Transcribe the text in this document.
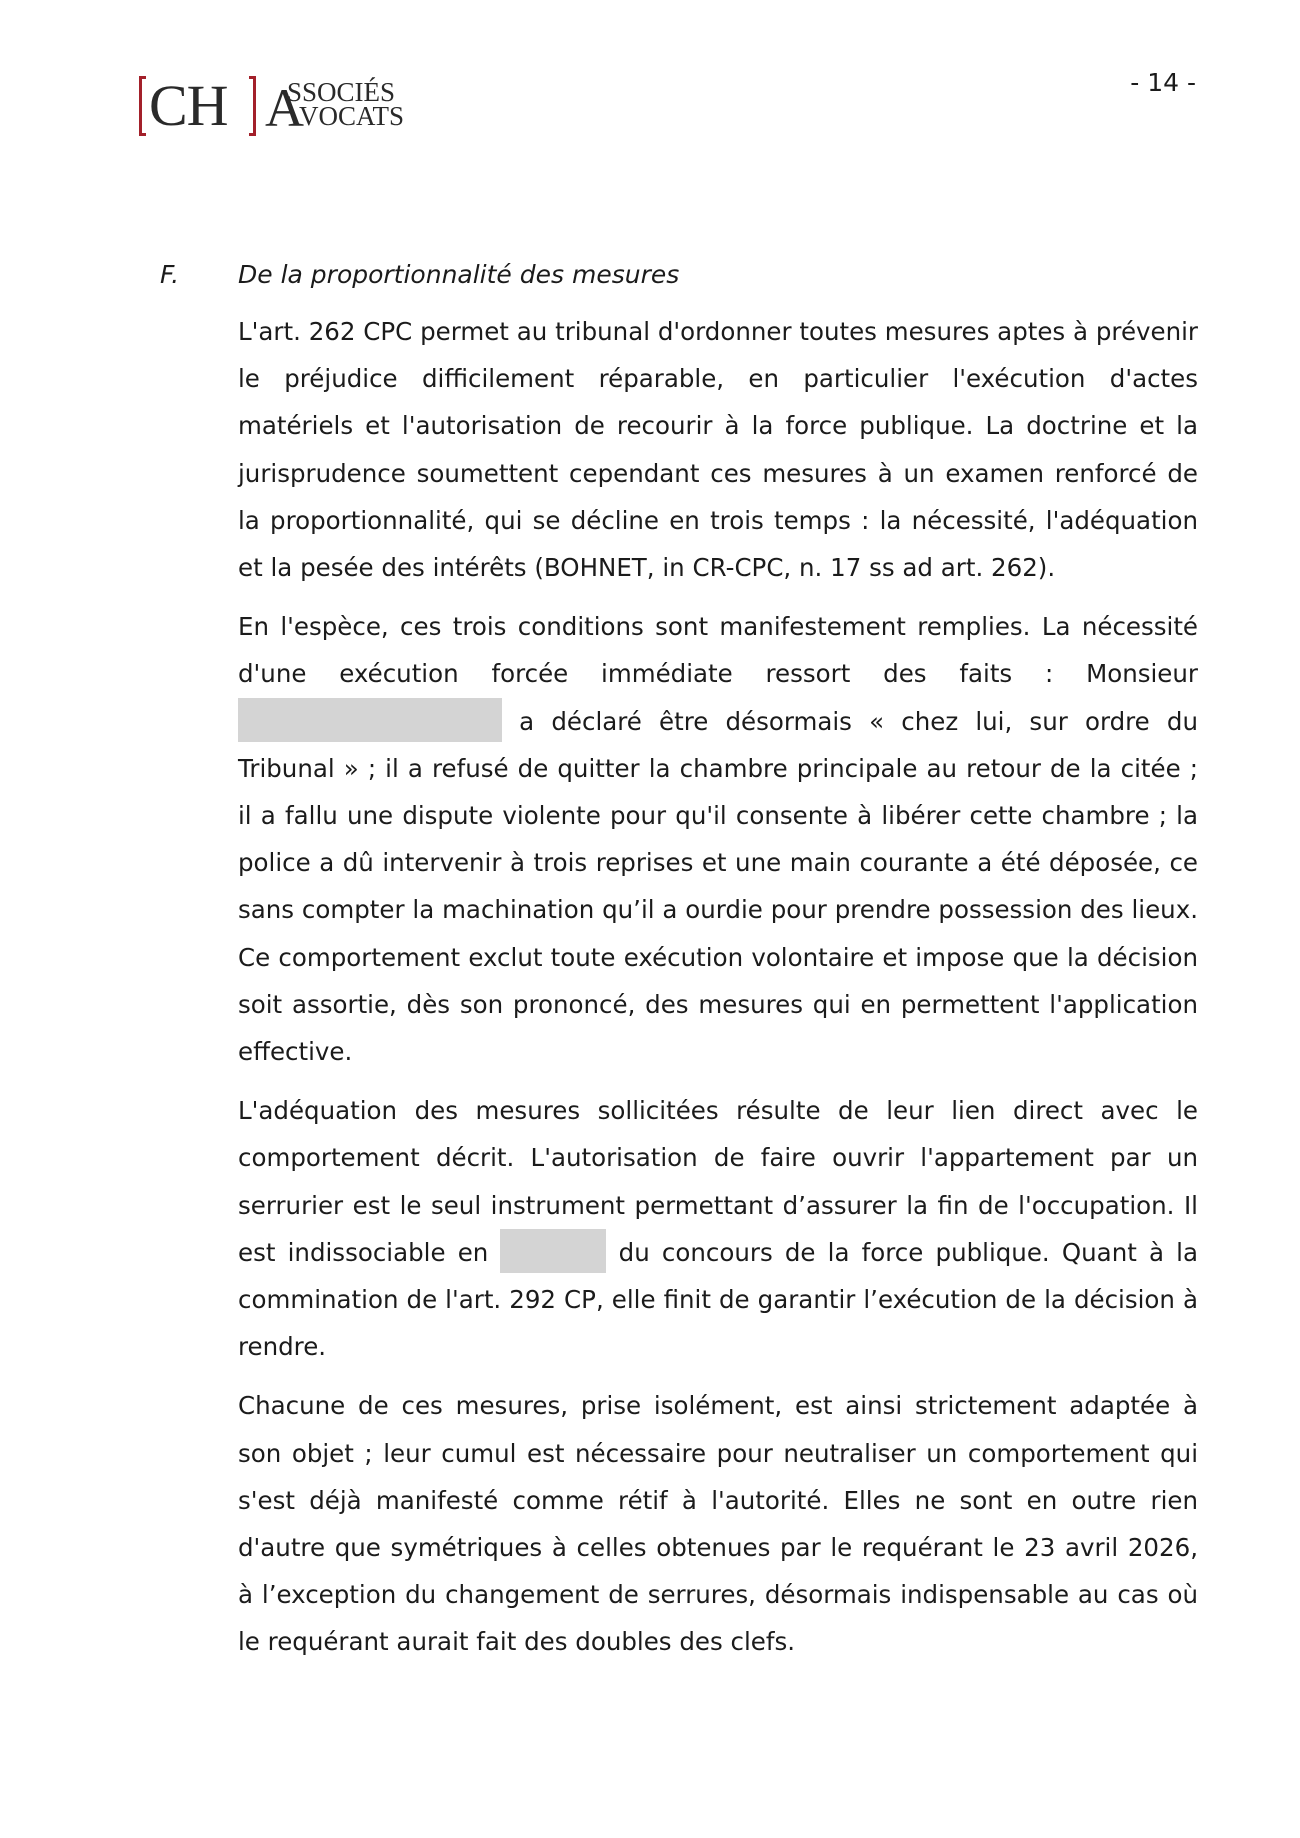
CH A
SSOCIÉS
VOCATS
- 14 -
F. De la proportionnalité des mesures

L'art. 262 CPC permet au tribunal d'ordonner toutes mesures aptes à prévenir le préjudice difficilement réparable, en particulier l'exécution d'actes matériels et l'autorisation de recourir à la force publique. La doctrine et la jurisprudence soumettent cependant ces mesures à un examen renforcé de la proportionnalité, qui se décline en trois temps : la nécessité, l'adéquation et la pesée des intérêts (BOHNET, in CR-CPC, n. 17 ss ad art. 262).

En l'espèce, ces trois conditions sont manifestement remplies. La nécessité d'une exécution forcée immédiate ressort des faits : Monsieur  a déclaré être désormais « chez lui, sur ordre du Tribunal » ; il a refusé de quitter la chambre principale au retour de la citée ; il a fallu une dispute violente pour qu'il consente à libérer cette chambre ; la police a dû intervenir à trois reprises et une main courante a été déposée, ce sans compter la machination qu’il a ourdie pour prendre possession des lieux. Ce comportement exclut toute exécution volontaire et impose que la décision soit assortie, dès son prononcé, des mesures qui en permettent l'application effective.

L'adéquation des mesures sollicitées résulte de leur lien direct avec le comportement décrit. L'autorisation de faire ouvrir l'appartement par un serrurier est le seul instrument permettant d’assurer la fin de l'occupation. Il est indissociable en	du concours de la force publique. Quant à la commination de l'art. 292 CP, elle finit de garantir l’exécution de la décision à rendre.

Chacune de ces mesures, prise isolément, est ainsi strictement adaptée à son objet ; leur cumul est nécessaire pour neutraliser un comportement qui s'est déjà manifesté comme rétif à l'autorité. Elles ne sont en outre rien d'autre que symétriques à celles obtenues par le requérant le 23 avril 2026, à l’exception du changement de serrures, désormais indispensable au cas où le requérant aurait fait des doubles des clefs.
